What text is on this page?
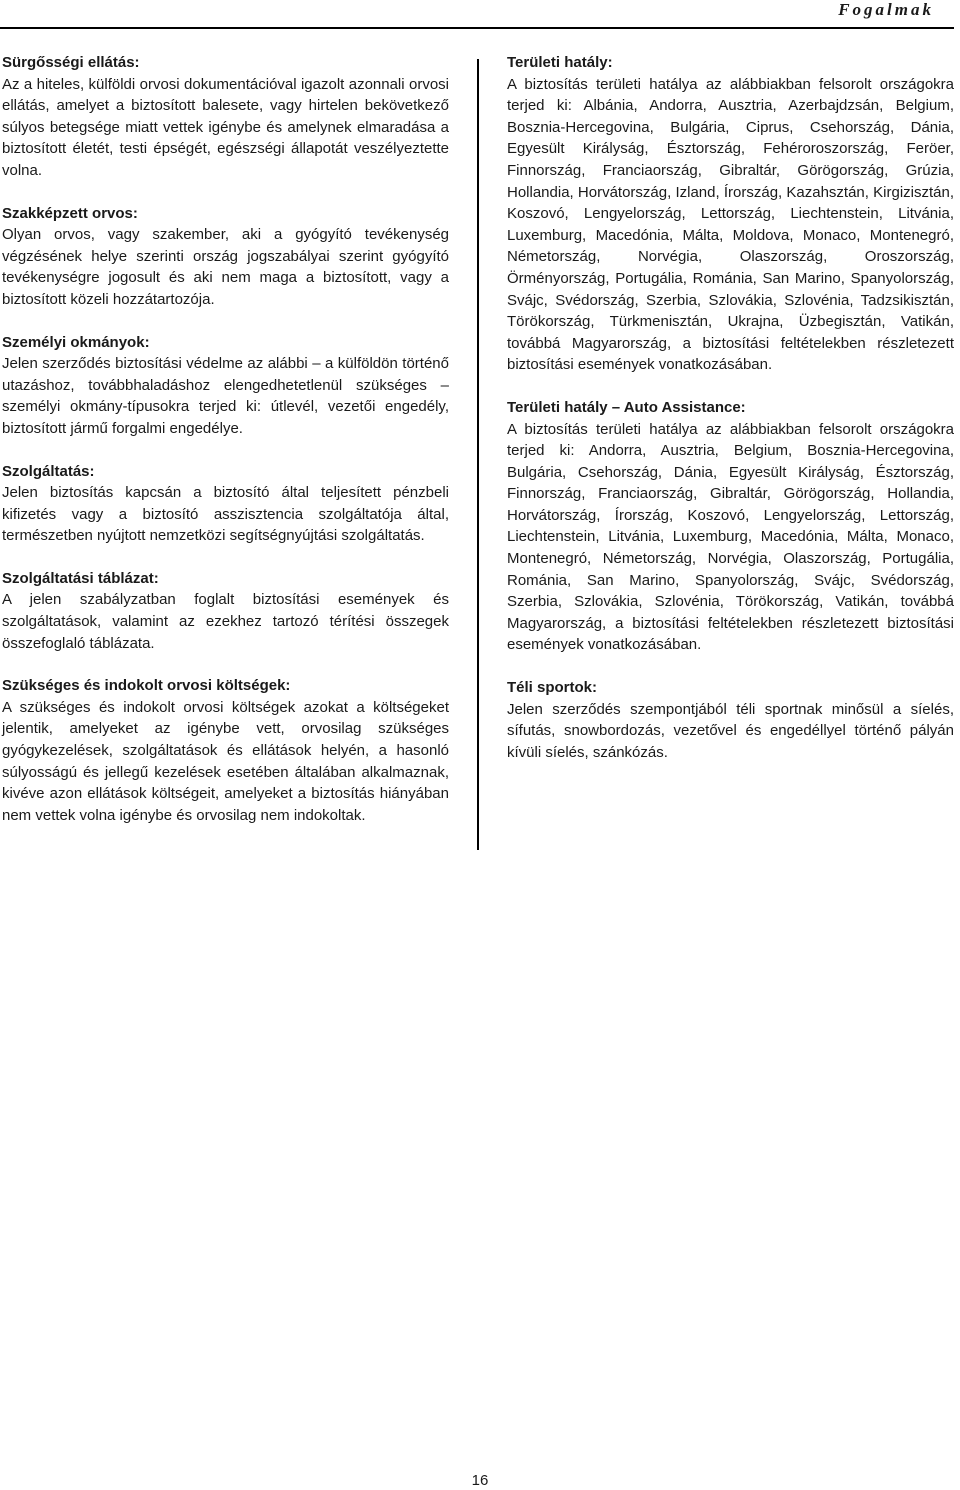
Fogalmak
Sürgősségi ellátás:

Az a hiteles, külföldi orvosi dokumentációval igazolt azonnali orvosi ellátás, amelyet a biztosított balesete, vagy hirtelen bekövetkező súlyos betegsége miatt vettek igénybe és amelynek elmaradása a biztosított életét, testi épségét, egészségi állapotát veszélyeztette volna.

Szakképzett orvos:

Olyan orvos, vagy szakember, aki a gyógyító tevékenység végzésének helye szerinti ország jogszabályai szerint gyógyító tevékenységre jogosult és aki nem maga a biztosított, vagy a biztosított közeli hozzátartozója.

Személyi okmányok:

Jelen szerződés biztosítási védelme az alábbi – a külföldön történő utazáshoz, továbbhaladáshoz elengedhetetlenül szükséges – személyi okmány-típusokra terjed ki: útlevél, vezetői engedély, biztosított jármű forgalmi engedélye.

Szolgáltatás:

Jelen biztosítás kapcsán a biztosító által teljesített pénzbeli kifizetés vagy a biztosító asszisztencia szolgáltatója által, természetben nyújtott nemzetközi segítségnyújtási szolgáltatás.

Szolgáltatási táblázat:

A jelen szabályzatban foglalt biztosítási események és szolgáltatások, valamint az ezekhez tartozó térítési összegek összefoglaló táblázata.

Szükséges és indokolt orvosi költségek:

A szükséges és indokolt orvosi költségek azokat a költségeket jelentik, amelyeket az igénybe vett, orvosilag szükséges gyógykezelések, szolgáltatások és ellátások helyén, a hasonló súlyosságú és jellegű kezelések esetében általában alkalmaznak, kivéve azon ellátások költségeit, amelyeket a biztosítás hiányában nem vettek volna igénybe és orvosilag nem indokoltak.

Területi hatály:

A biztosítás területi hatálya az alábbiakban felsorolt országokra terjed ki: Albánia, Andorra, Ausztria, Azerbajdzsán, Belgium, Bosznia-Hercegovina, Bulgária, Ciprus, Csehország, Dánia, Egyesült Királyság, Észtország, Fehéroroszország, Feröer, Finnország, Franciaország, Gibraltár, Görögország, Grúzia, Hollandia, Horvátország, Izland, Írország, Kazahsztán, Kirgizisztán, Koszovó, Lengyelország, Lettország, Liechtenstein, Litvánia, Luxemburg, Macedónia, Málta, Moldova, Monaco, Montenegró, Németország, Norvégia, Olaszország, Oroszország, Örményország, Portugália, Románia, San Marino, Spanyolország, Svájc, Svédország, Szerbia, Szlovákia, Szlovénia, Tadzsikisztán, Törökország, Türkmenisztán, Ukrajna, Üzbegisztán, Vatikán, továbbá Magyarország, a biztosítási feltételekben részletezett biztosítási események vonatkozásában.

Területi hatály – Auto Assistance:

A biztosítás területi hatálya az alábbiakban felsorolt országokra terjed ki: Andorra, Ausztria, Belgium, Bosznia-Hercegovina, Bulgária, Csehország, Dánia, Egyesült Királyság, Észtország, Finnország, Franciaország, Gibraltár, Görögország, Hollandia, Horvátország, Írország, Koszovó, Lengyelország, Lettország, Liechtenstein, Litvánia, Luxemburg, Macedónia, Málta, Monaco, Montenegró, Németország, Norvégia, Olaszország, Portugália, Románia, San Marino, Spanyolország, Svájc, Svédország, Szerbia, Szlovákia, Szlovénia, Törökország, Vatikán, továbbá Magyarország, a biztosítási feltételekben részletezett biztosítási események vonatkozásában.

Téli sportok:

Jelen szerződés szempontjából téli sportnak minősül a síelés, sífutás, snowbordozás, vezetővel és engedéllyel történő pályán kívüli síelés, szánkózás.

16
